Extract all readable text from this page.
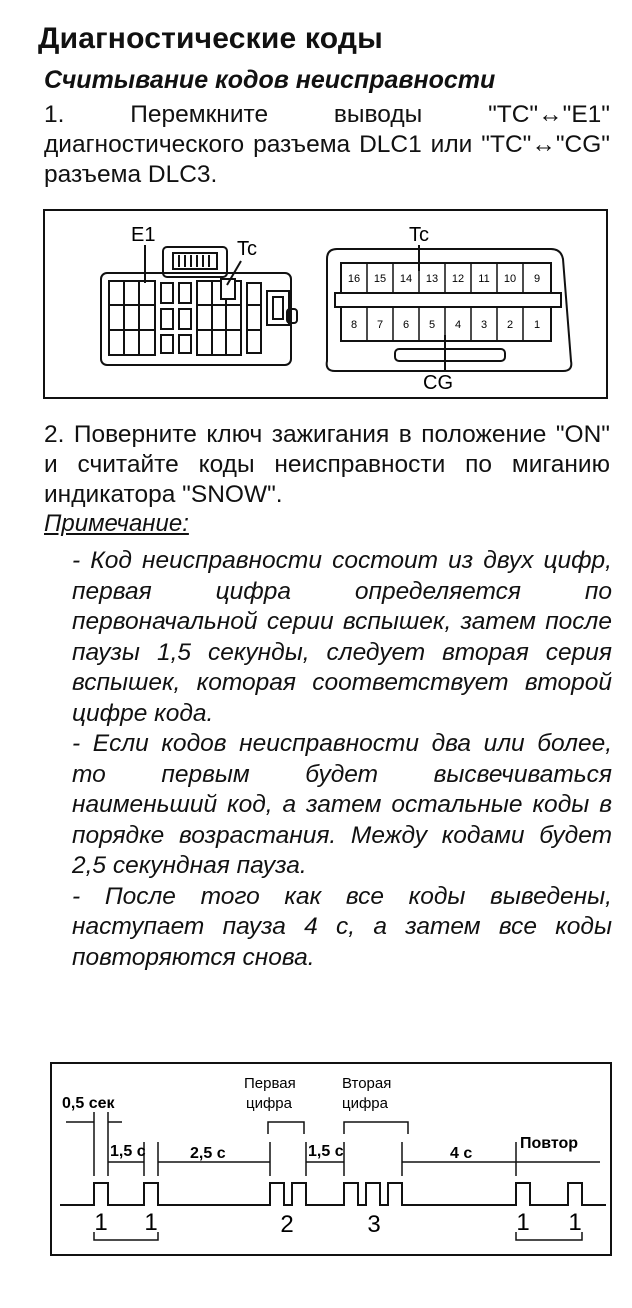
Диагностические коды
Считывание кодов неисправности
1. Перемкните выводы "TC"↔"E1" диагностического разъема DLC1 или "TC"↔"CG" разъема DLC3.
E1
Tc
16 15 14 13 12 11 10 9
8 7 6 5 4 3 2 1
Tc
CG
2. Поверните ключ зажигания в положение "ON" и считайте коды неисправности по миганию индикатора "SNOW".
Примечание:

- Код неисправности состоит из двух цифр, первая цифра определяется по первоначальной серии вспышек, затем после паузы 1,5 секунды, следует вторая серия вспышек, которая соответствует второй цифре кода.

- Если кодов неисправности два или более, то первым будет высвечиваться наименьший код, а затем остальные коды в порядке возрастания. Между кодами будет 2,5 секундная пауза.

- После того как все коды выведены, наступает пауза 4 с, а затем все коды повторяются снова.

0,5 сек
Первая
цифра
Вторая
цифра
1,5 с	2,5 с	1,5 с	4 с
Повтор
1 1	2	3	1 1
